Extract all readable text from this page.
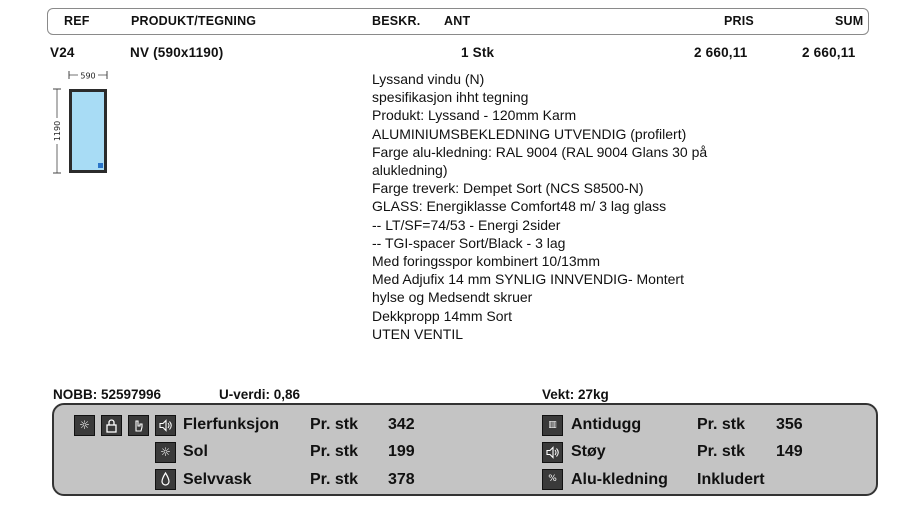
REF	PRODUKT/TEGNING	BESKR. ANT	PRIS	SUM
V24	NV (590x1190)	1 Stk	2 660,11	2 660,11
590
1190
Lyssand vindu (N)
spesifikasjon ihht tegning
Produkt: Lyssand - 120mm Karm
ALUMINIUMSBEKLEDNING UTVENDIG (profilert)
Farge alu-kledning: RAL 9004 (RAL 9004 Glans 30 på
alukledning)
Farge treverk: Dempet Sort (NCS S8500-N)
GLASS: Energiklasse Comfort48 m/ 3 lag glass
-- LT/SF=74/53 - Energi 2sider
-- TGI-spacer Sort/Black - 3 lag
Med foringsspor kombinert 10/13mm
Med Adjufix 14 mm SYNLIG INNVENDIG- Montert
hylse og Medsendt skruer
Dekkpropp 14mm Sort
UTEN VENTIL
NOBB: 52597996	U-verdi: 0,86	Vekt: 27kg
☼
☼
Flerfunksjon Pr. stk 342
Sol	Pr. stk 199
Selvvask	Pr. stk 378
▥
%
Antidugg	Pr. stk 356
Støy	Pr. stk 149
Alu-kledning Inkludert
